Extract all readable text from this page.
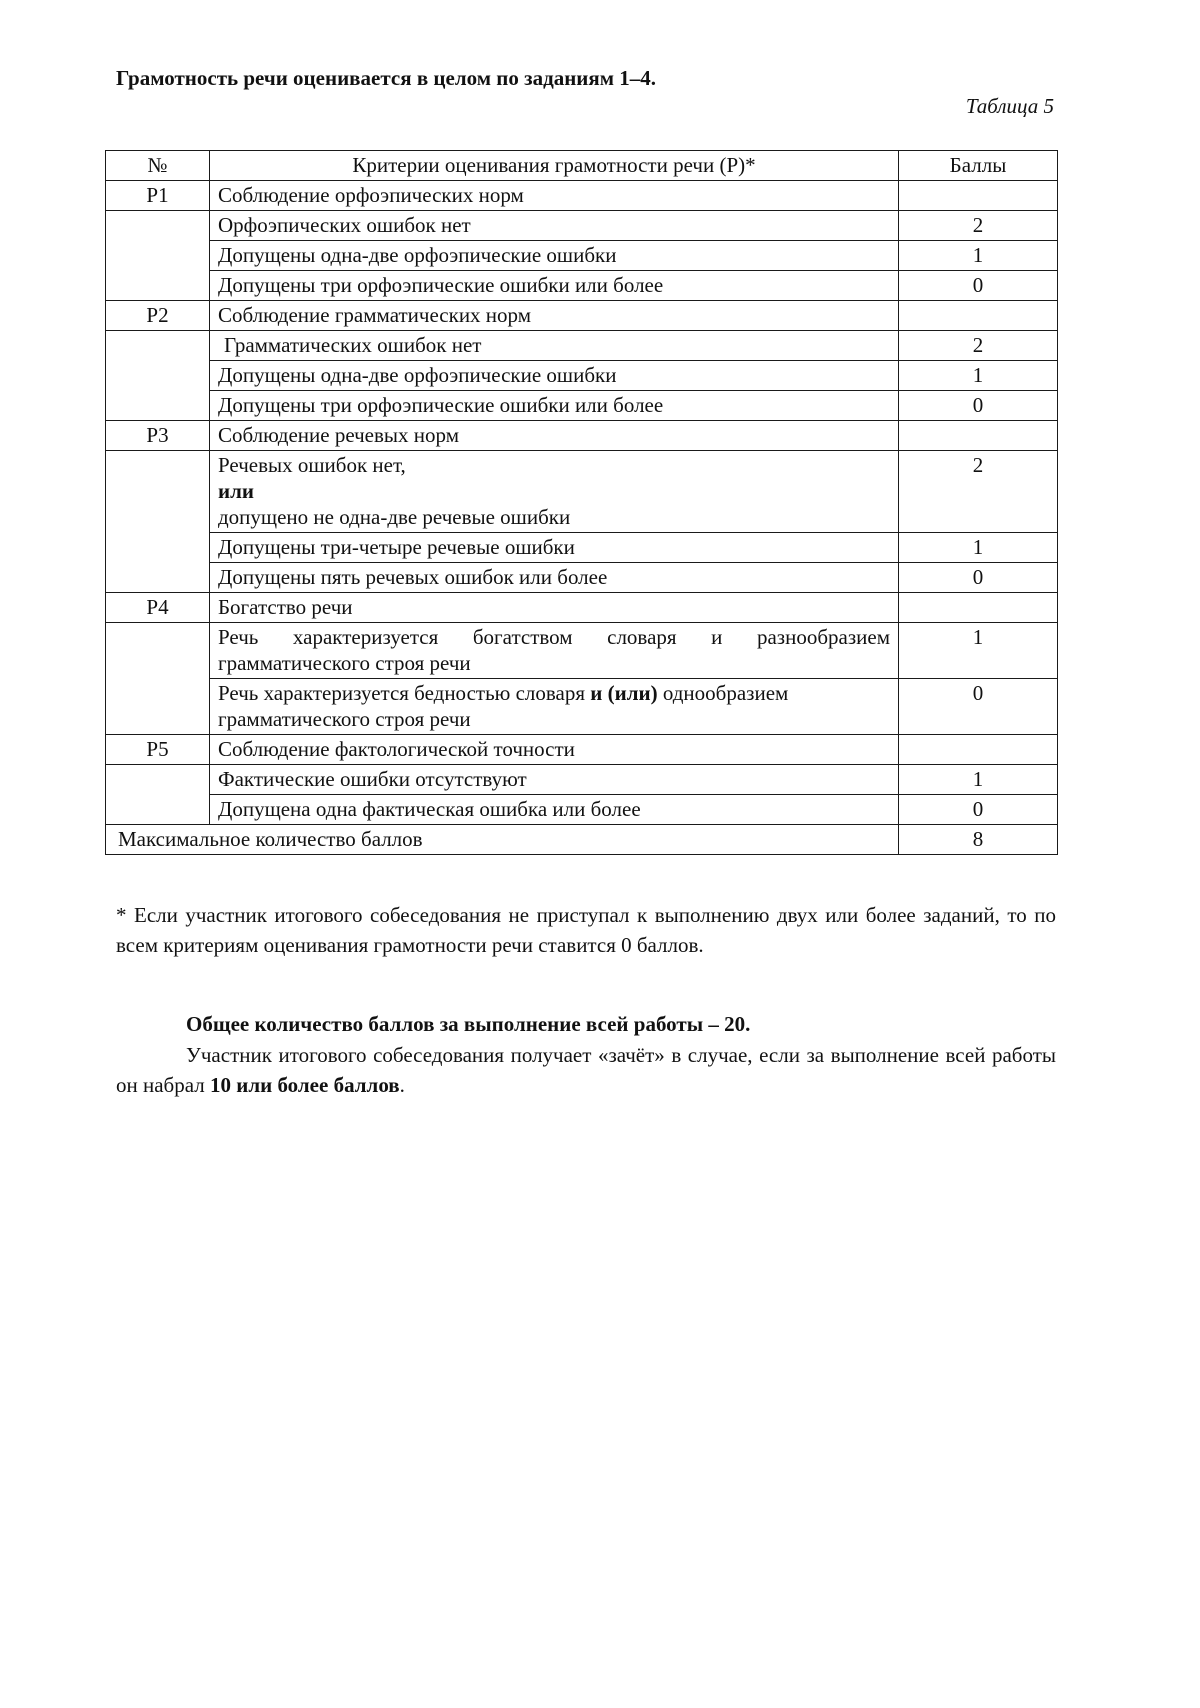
Грамотность речи оценивается в целом по заданиям 1–4.

Таблица 5
№	Критерии оценивания грамотности речи (Р)*	Баллы
Р1	Соблюдение орфоэпических норм	
	Орфоэпических ошибок нет	2
	Допущены одна-две орфоэпические ошибки	1
	Допущены три орфоэпические ошибки или более	0
Р2	Соблюдение грамматических норм	
	Грамматических ошибок нет	2
	Допущены одна-две орфоэпические ошибки	1
	Допущены три орфоэпические ошибки или более	0
Р3	Соблюдение речевых норм	

	Речевых ошибок нет,
или
допущено не одна-две речевые ошибки	2
	Допущены три-четыре речевые ошибки	1
	Допущены пять речевых ошибок или более	0
Р4	Богатство речи	
	Речь характеризуется богатством словаря и разнообразием грамматического строя речи	1
	Речь характеризуется бедностью словаря и (или) однообразием грамматического строя речи	0
Р5	Соблюдение фактологической точности	
	Фактические ошибки отсутствуют	1
	Допущена одна фактическая ошибка или более	0
Максимальное количество баллов		8

* Если участник итогового собеседования не приступал к выполнению двух или более заданий, то по всем критериям оценивания грамотности речи ставится 0 баллов.

Общее количество баллов за выполнение всей работы – 20.

Участник итогового собеседования получает «зачёт» в случае, если за выполнение всей работы он набрал 10 или более баллов.
